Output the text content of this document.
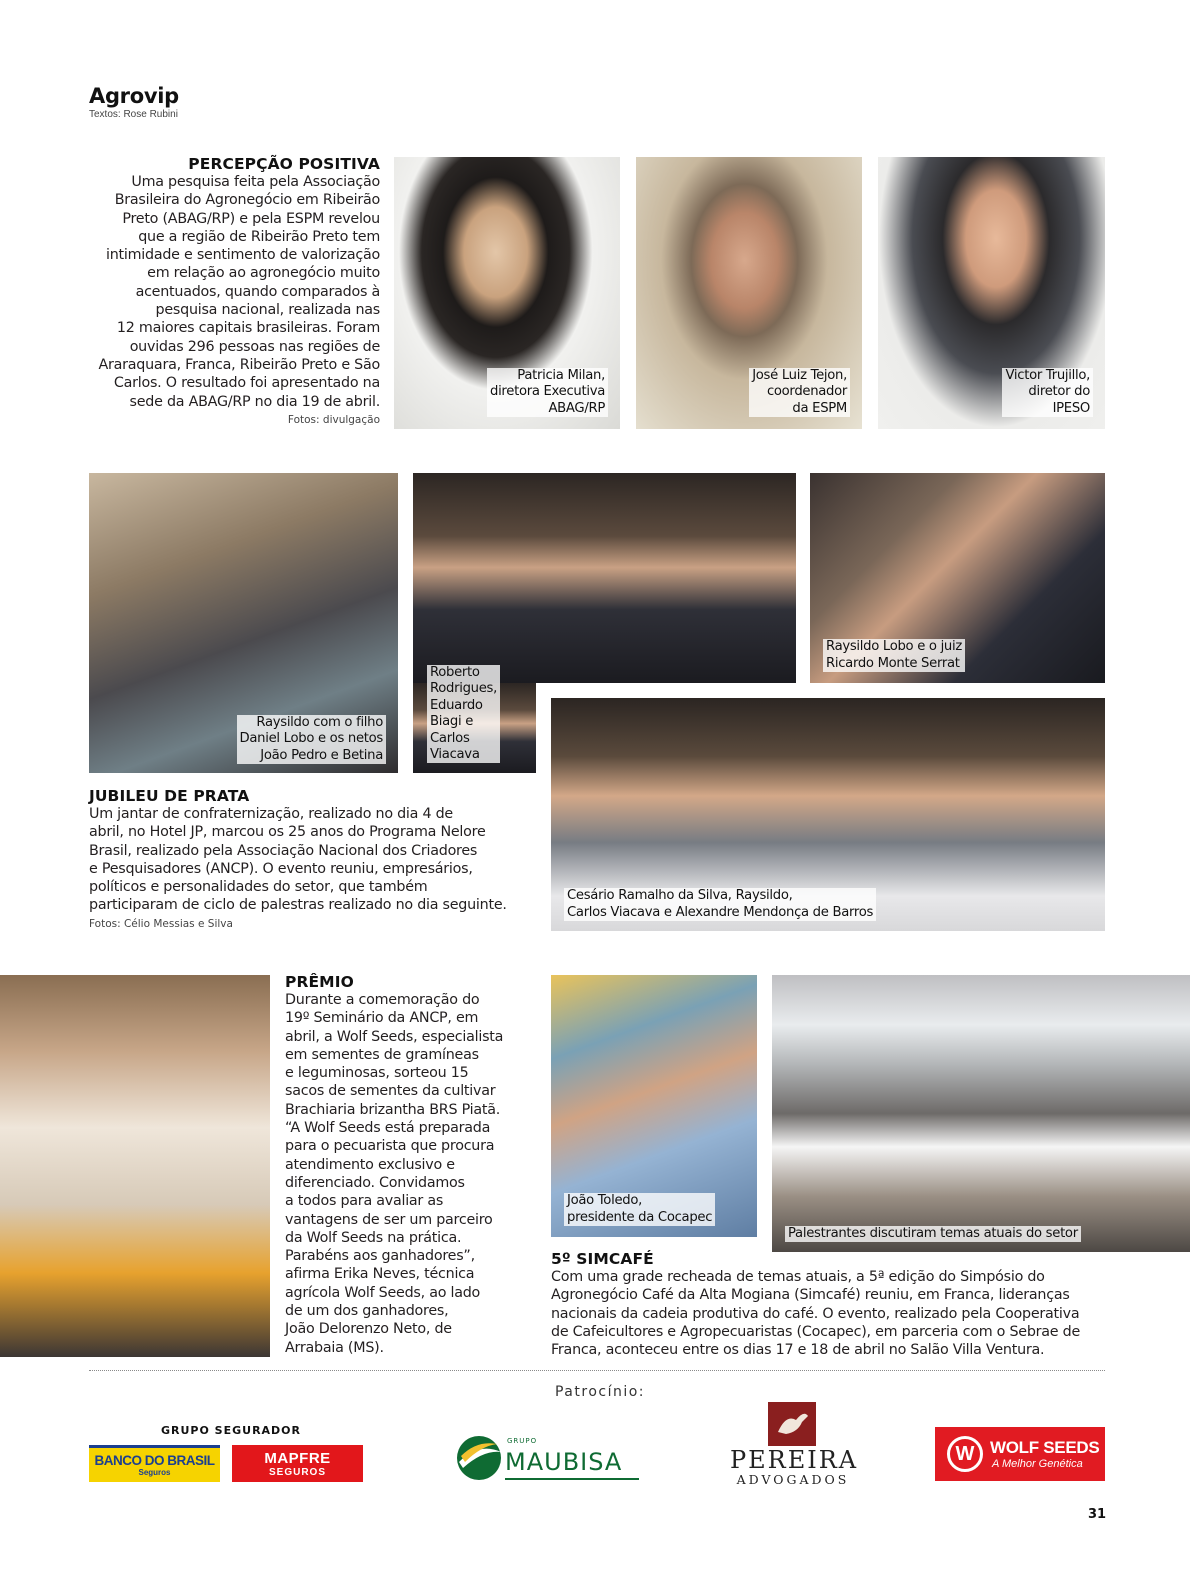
Agrovip
Textos: Rose Rubini
PERCEPÇÃO POSITIVA
Uma pesquisa feita pela Associação
Brasileira do Agronegócio em Ribeirão
Preto (ABAG/RP) e pela ESPM revelou
que a região de Ribeirão Preto tem
intimidade e sentimento de valorização
em relação ao agronegócio muito
acentuados, quando comparados à
pesquisa nacional, realizada nas
12 maiores capitais brasileiras. Foram
ouvidas 296 pessoas nas regiões de
Araraquara, Franca, Ribeirão Preto e São
Carlos. O resultado foi apresentado na
sede da ABAG/RP no dia 19 de abril.
Fotos: divulgação
Patricia Milan,
diretora Executiva
ABAG/RP
José Luiz Tejon,
coordenador
da ESPM
Victor Trujillo,
diretor do
IPESO
Raysildo com o filho
Daniel Lobo e os netos
João Pedro e Betina
Roberto
Rodrigues,
Eduardo
Biagi e
Carlos
Viacava
Raysildo Lobo e o juiz
Ricardo Monte Serrat
Cesário Ramalho da Silva, Raysildo,
Carlos Viacava e Alexandre Mendonça de Barros
JUBILEU DE PRATA
Um jantar de confraternização, realizado no dia 4 de
abril, no Hotel JP, marcou os 25 anos do Programa Nelore
Brasil, realizado pela Associação Nacional dos Criadores
e Pesquisadores (ANCP). O evento reuniu, empresários,
políticos e personalidades do setor, que também
participaram de ciclo de palestras realizado no dia seguinte.
Fotos: Célio Messias e Silva
PRÊMIO
Durante a comemoração do
19º Seminário da ANCP, em
abril, a Wolf Seeds, especialista
em sementes de gramíneas
e leguminosas, sorteou 15
sacos de sementes da cultivar
Brachiaria brizantha BRS Piatã.
“A Wolf Seeds está preparada
para o pecuarista que procura
atendimento exclusivo e
diferenciado. Convidamos
a todos para avaliar as
vantagens de ser um parceiro
da Wolf Seeds na prática.
Parabéns aos ganhadores”,
afirma Erika Neves, técnica
agrícola Wolf Seeds, ao lado
de um dos ganhadores,
João Delorenzo Neto, de
Arrabaia (MS).
João Toledo,
presidente da Cocapec
Palestrantes discutiram temas atuais do setor
5º SIMCAFÉ
Com uma grade recheada de temas atuais, a 5ª edição do Simpósio do
Agronegócio Café da Alta Mogiana (Simcafé) reuniu, em Franca, lideranças
nacionais da cadeia produtiva do café. O evento, realizado pela Cooperativa
de Cafeicultores e Agropecuaristas (Cocapec), em parceria com o Sebrae de
Franca, aconteceu entre os dias 17 e 18 de abril no Salão Villa Ventura.
Patrocínio:
GRUPO SEGURADOR
BANCO DO BRASIL
Seguros
MAPFRE
SEGUROS
GRUPO
MAUBISA	PEREIRA
ADVOGADOS
W WOLF SEEDS
A Melhor Genética
31
